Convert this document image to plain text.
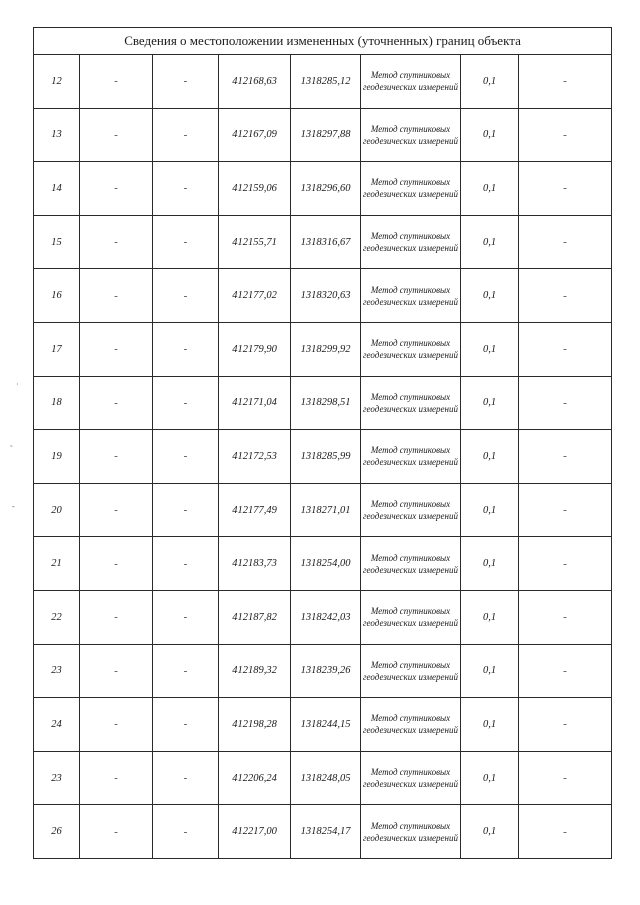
·
˜
-
Сведения о местоположении измененных (уточненных) границ объекта							
12	-	-	412168,63	1318285,12	Метод спутниковых геодезических измерений	0,1	-
13	-	-	412167,09	1318297,88	Метод спутниковых геодезических измерений	0,1	-
14	-	-	412159,06	1318296,60	Метод спутниковых геодезических измерений	0,1	-
15	-	-	412155,71	1318316,67	Метод спутниковых геодезических измерений	0,1	-
16	-	-	412177,02	1318320,63	Метод спутниковых геодезических измерений	0,1	-
17	-	-	412179,90	1318299,92	Метод спутниковых геодезических измерений	0,1	-
18	-	-	412171,04	1318298,51	Метод спутниковых геодезических измерений	0,1	-
19	-	-	412172,53	1318285,99	Метод спутниковых геодезических измерений	0,1	-
20	-	-	412177,49	1318271,01	Метод спутниковых геодезических измерений	0,1	-
21	-	-	412183,73	1318254,00	Метод спутниковых геодезических измерений	0,1	-
22	-	-	412187,82	1318242,03	Метод спутниковых геодезических измерений	0,1	-
23	-	-	412189,32	1318239,26	Метод спутниковых геодезических измерений	0,1	-
24	-	-	412198,28	1318244,15	Метод спутниковых геодезических измерений	0,1	-
23	-	-	412206,24	1318248,05	Метод спутниковых геодезических измерений	0,1	-
26	-	-	412217,00	1318254,17	Метод спутниковых геодезических измерений	0,1	-
